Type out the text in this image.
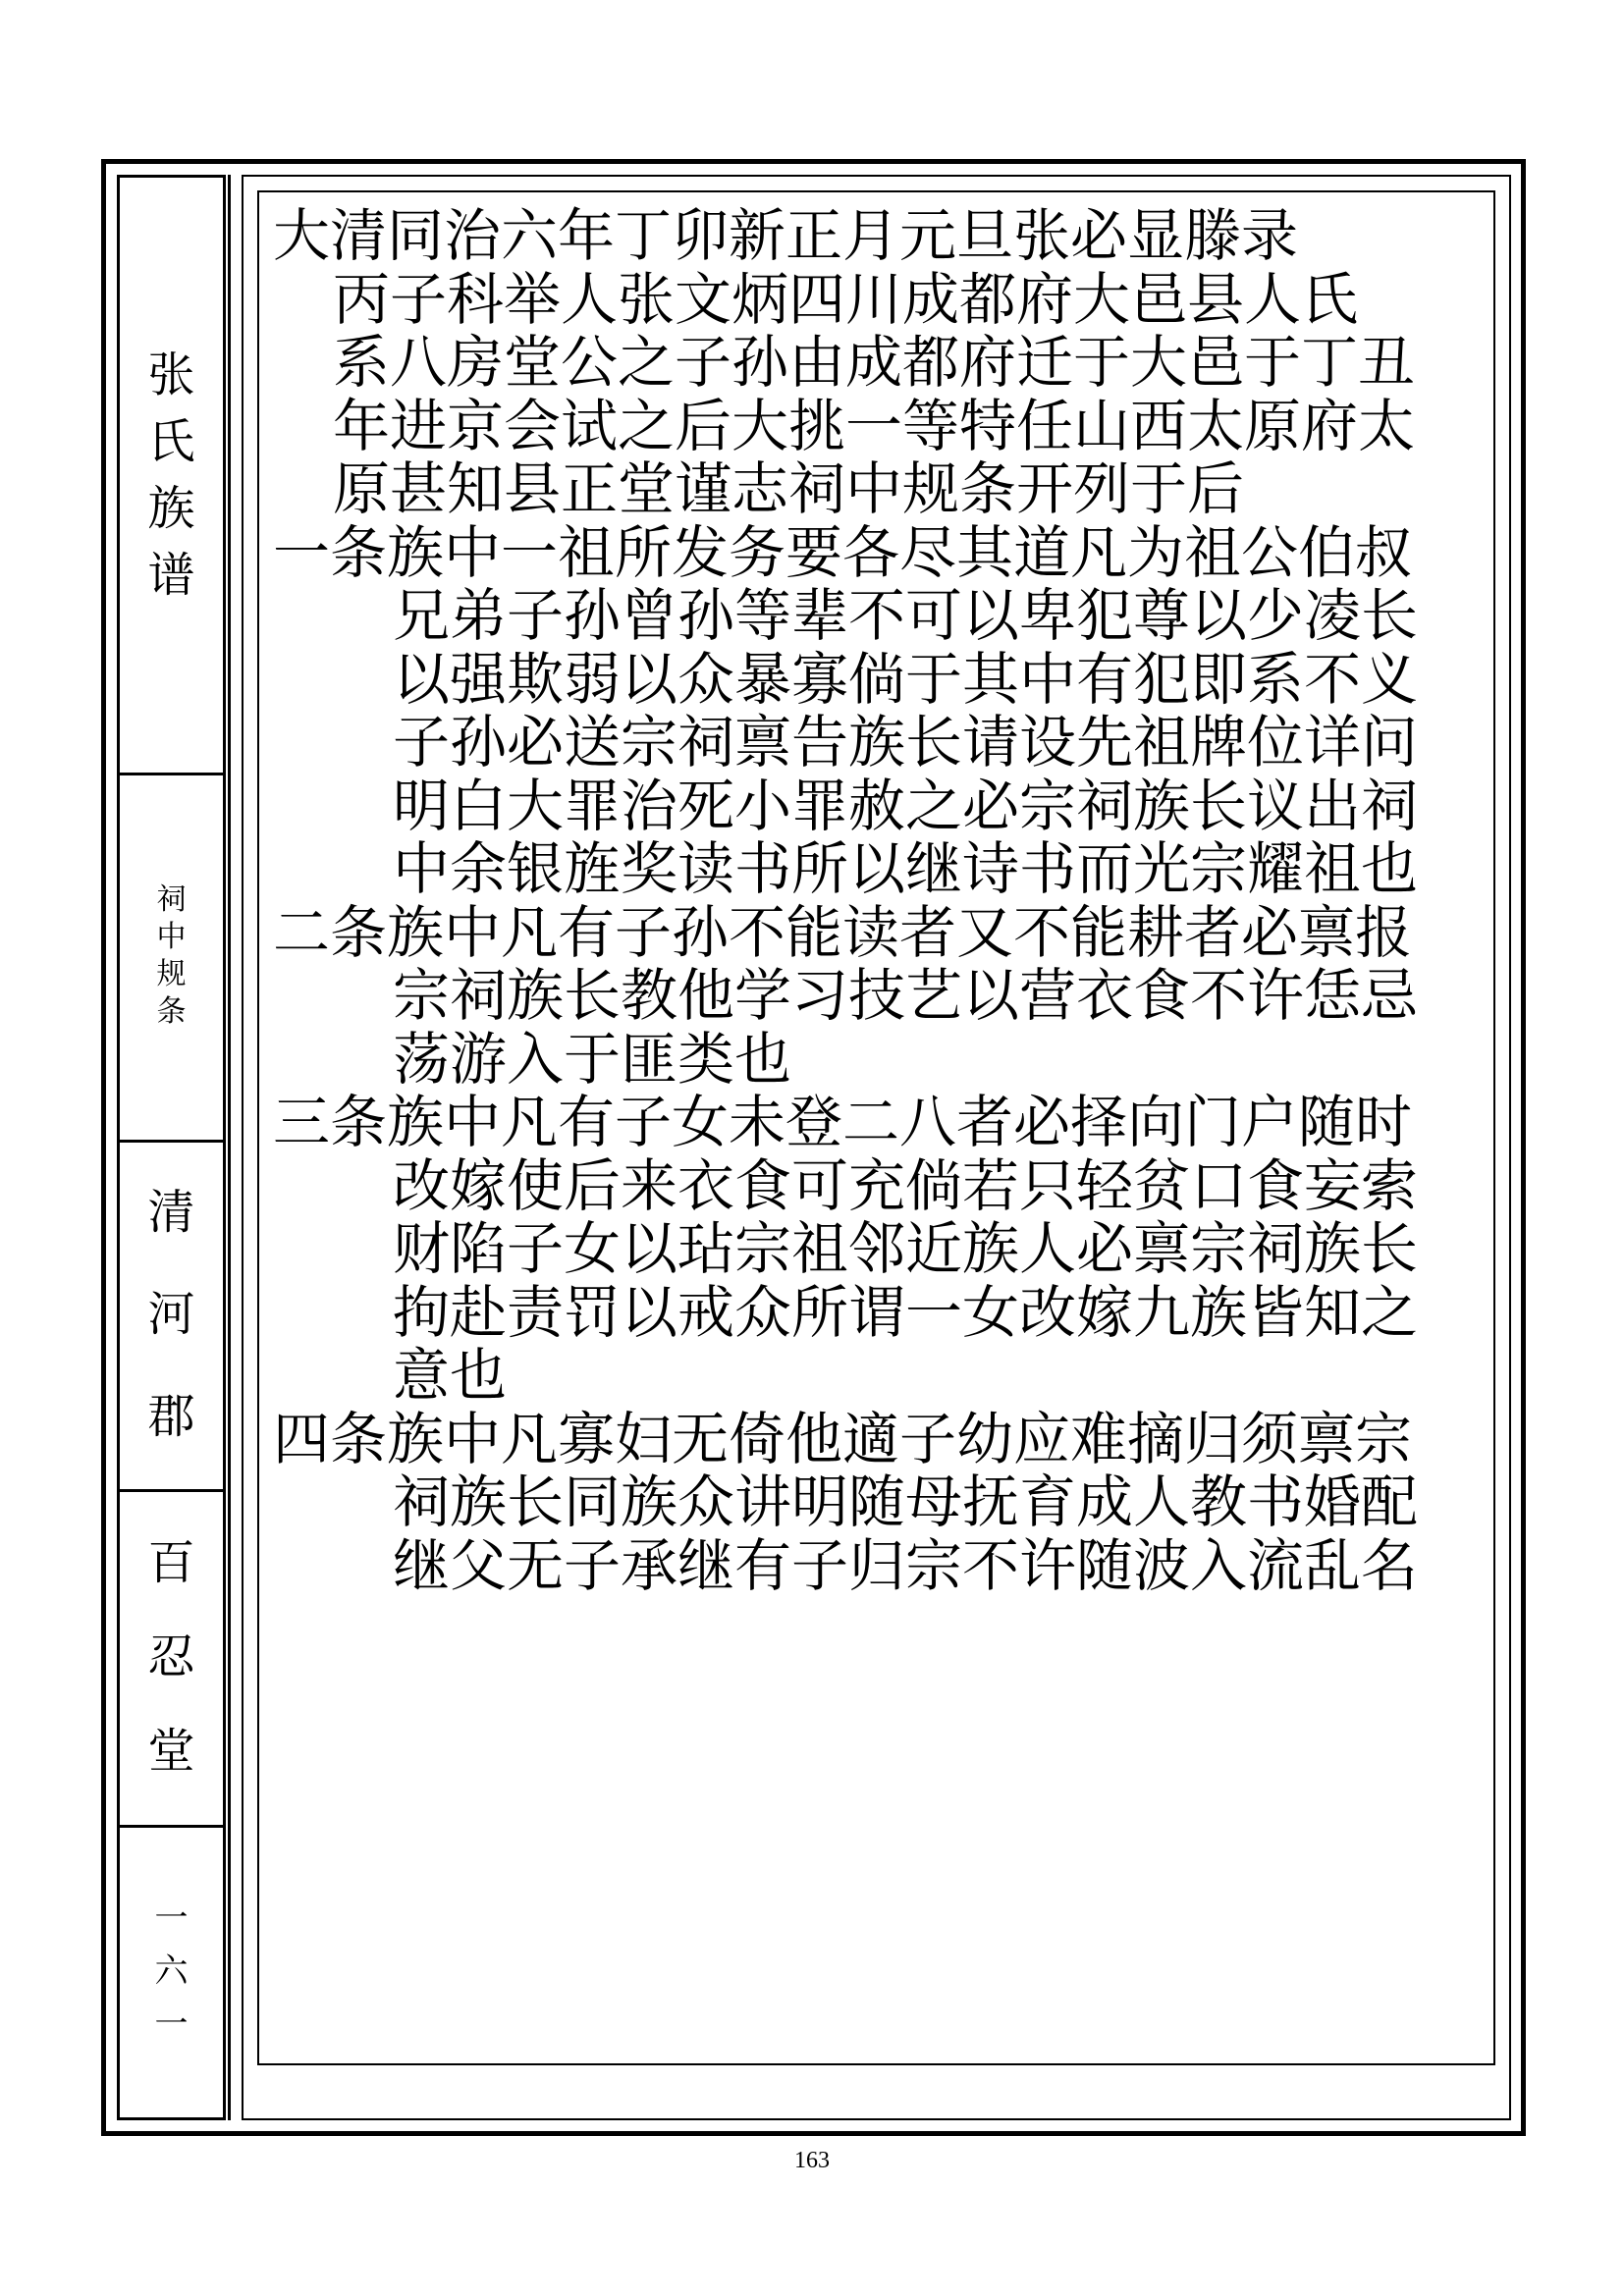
张
氏
族
谱
祠
中
规
条
清
河
郡
百
忍
堂
一
六
一
大清同治六年丁卯新正月元旦张必显滕录
丙子科举人张文炳四川成都府大邑县人氏
系八房堂公之子孙由成都府迁于大邑于丁丑
年进京会试之后大挑一等特任山西太原府太
原甚知县正堂谨志祠中规条开列于后
一条族中一祖所发务要各尽其道凡为祖公伯叔
兄弟子孙曾孙等辈不可以卑犯尊以少凌长
以强欺弱以众暴寡倘于其中有犯即系不义
子孙必送宗祠禀告族长请设先祖牌位详问
明白大罪治死小罪赦之必宗祠族长议出祠
中余银旌奖读书所以继诗书而光宗耀祖也
二条族中凡有子孙不能读者又不能耕者必禀报
宗祠族长教他学习技艺以营衣食不许恁忌
荡游入于匪类也
三条族中凡有子女未登二八者必择向门户随时
改嫁使后来衣食可充倘若只轻贫口食妄索
财陷子女以玷宗祖邻近族人必禀宗祠族长
拘赴责罚以戒众所谓一女改嫁九族皆知之
意也
四条族中凡寡妇无倚他適子幼应难摘归须禀宗
祠族长同族众讲明随母抚育成人教书婚配
继父无子承继有子归宗不许随波入流乱名
163
